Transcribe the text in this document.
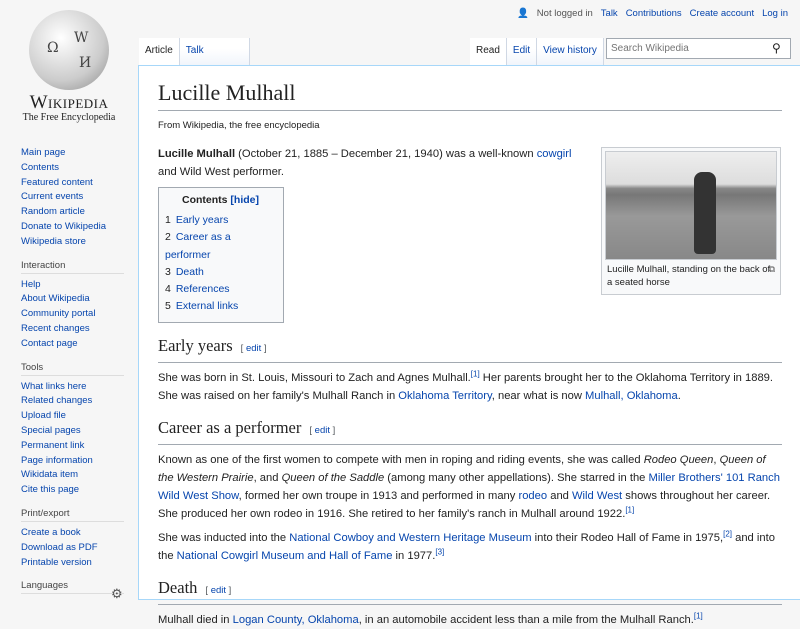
Ω
W
И
Wikipedia
The Free Encyclopedia
👤 Not logged in Talk Contributions Create account Log in
Article	Talk	Read	Edit	View history
Search Wikipedia	⚲
Main page
Contents
Featured content
Current events
Random article
Donate to Wikipedia
Wikipedia store
Interaction
Help
About Wikipedia
Community portal
Recent changes
Contact page
Tools
What links here
Related changes
Upload file
Special pages
Permanent link
Page information
Wikidata item
Cite this page
Print/export
Create a book
Download as PDF
Printable version
Languages
⚙
Lucille Mulhall
From Wikipedia, the free encyclopedia

Lucille Mulhall (October 21, 1885 – December 21, 1940) was a well-known cowgirl and Wild West performer.

Contents [hide]
1 Early years
2 Career as a performer
3 Death
4 References
5 External links
Early years [ edit ]

She was born in St. Louis, Missouri to Zach and Agnes Mulhall.[1] Her parents brought her to the Oklahoma Territory in 1889. She was raised on her family's Mulhall Ranch in Oklahoma Territory, near what is now Mulhall, Oklahoma.

Career as a performer [ edit ]

Known as one of the first women to compete with men in roping and riding events, she was called Rodeo Queen, Queen of the Western Prairie, and Queen of the Saddle (among many other appellations). She starred in the Miller Brothers' 101 Ranch Wild West Show, formed her own troupe in 1913 and performed in many rodeo and Wild West shows throughout her career. She produced her own rodeo in 1916. She retired to her family's ranch in Mulhall around 1922.[1]

She was inducted into the National Cowboy and Western Heritage Museum into their Rodeo Hall of Fame in 1975,[2] and into the National Cowgirl Museum and Hall of Fame in 1977.[3]

Death [ edit ]

Mulhall died in Logan County, Oklahoma, in an automobile accident less than a mile from the Mulhall Ranch.[1]

Lucille Mulhall, standing on the back of a seated horse
⧉
